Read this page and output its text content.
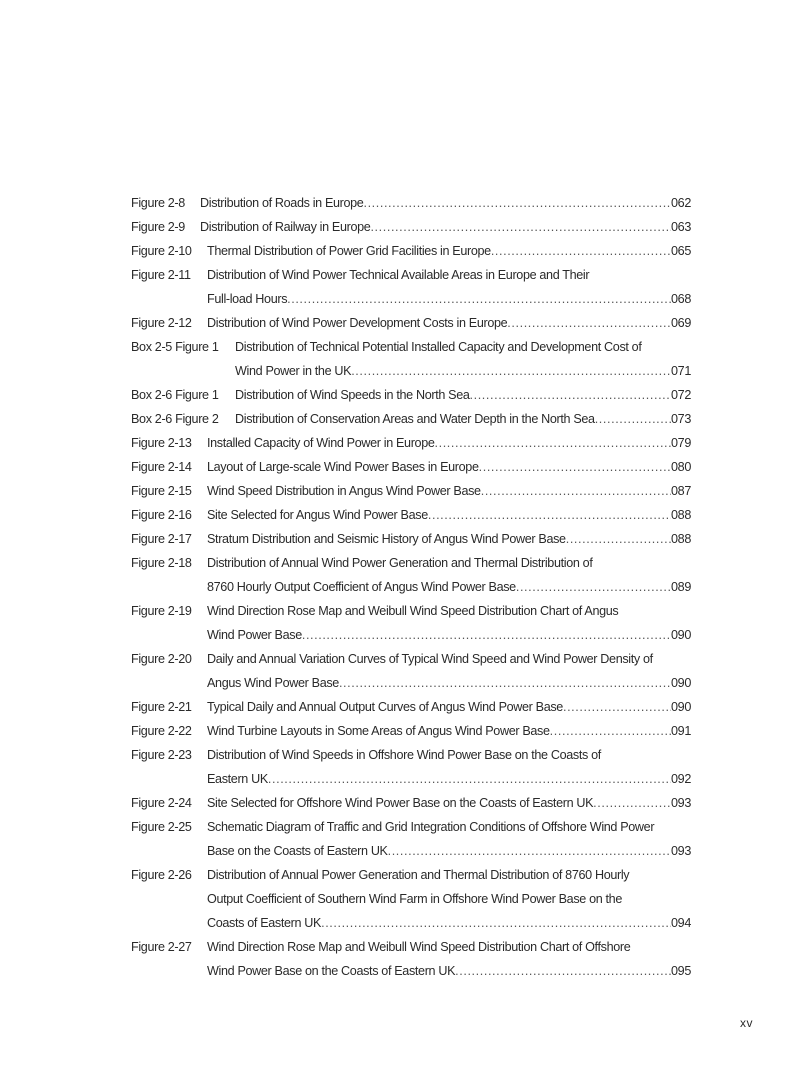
Figure 2-8 Distribution of Roads in Europe .....	062
Figure 2-9 Distribution of Railway in Europe .....	063
Figure 2-10 Thermal Distribution of Power Grid Facilities in Europe .....	065
Figure 2-11 Distribution of Wind Power Technical Available Areas in Europe and Their
Full-load Hours .....	068
Figure 2-12 Distribution of Wind Power Development Costs in Europe .....	069
Box 2-5 Figure 1 Distribution of Technical Potential Installed Capacity and Development Cost of
Wind Power in the UK .....	071
Box 2-6 Figure 1 Distribution of Wind Speeds in the North Sea .....	072
Box 2-6 Figure 2 Distribution of Conservation Areas and Water Depth in the North Sea .....	073
Figure 2-13 Installed Capacity of Wind Power in Europe .....	079
Figure 2-14 Layout of Large-scale Wind Power Bases in Europe .....	080
Figure 2-15 Wind Speed Distribution in Angus Wind Power Base .....	087
Figure 2-16 Site Selected for Angus Wind Power Base .....	088
Figure 2-17 Stratum Distribution and Seismic History of Angus Wind Power Base .....	088
Figure 2-18 Distribution of Annual Wind Power Generation and Thermal Distribution of
8760 Hourly Output Coefficient of Angus Wind Power Base .....	089
Figure 2-19 Wind Direction Rose Map and Weibull Wind Speed Distribution Chart of Angus
Wind Power Base .....	090
Figure 2-20 Daily and Annual Variation Curves of Typical Wind Speed and Wind Power Density of
Angus Wind Power Base .....	090
Figure 2-21 Typical Daily and Annual Output Curves of Angus Wind Power Base .....	090
Figure 2-22 Wind Turbine Layouts in Some Areas of Angus Wind Power Base .....	091
Figure 2-23 Distribution of Wind Speeds in Offshore Wind Power Base on the Coasts of
Eastern UK .....	092
Figure 2-24 Site Selected for Offshore Wind Power Base on the Coasts of Eastern UK .....	093
Figure 2-25 Schematic Diagram of Traffic and Grid Integration Conditions of Offshore Wind Power
Base on the Coasts of Eastern UK .....	093
Figure 2-26 Distribution of Annual Power Generation and Thermal Distribution of 8760 Hourly
Output Coefficient of Southern Wind Farm in Offshore Wind Power Base on the
Coasts of Eastern UK .....	094
Figure 2-27 Wind Direction Rose Map and Weibull Wind Speed Distribution Chart of Offshore
Wind Power Base on the Coasts of Eastern UK .....	095
xv
